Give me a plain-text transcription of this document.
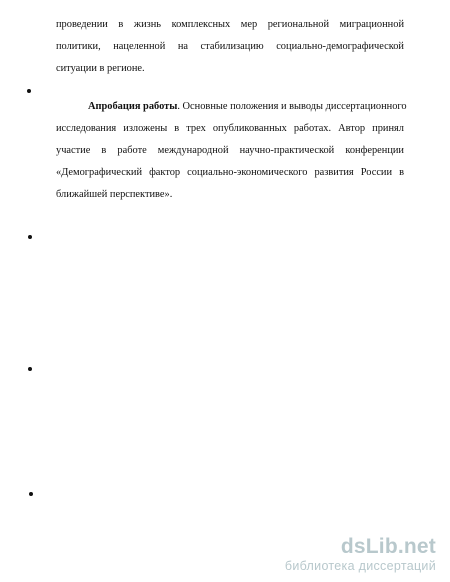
проведении в жизнь комплексных мер региональной миграционной
политики, нацеленной на стабилизацию социально-демографической
ситуации в регионе.
Апробация работы. Основные положения и выводы диссертационного
исследования изложены в трех опубликованных работах. Автор принял
участие в работе международной научно-практической конференции
«Демографический фактор социально-экономического развития России в
ближайшей перспективе».
dsLib.net
библиотека диссертаций
